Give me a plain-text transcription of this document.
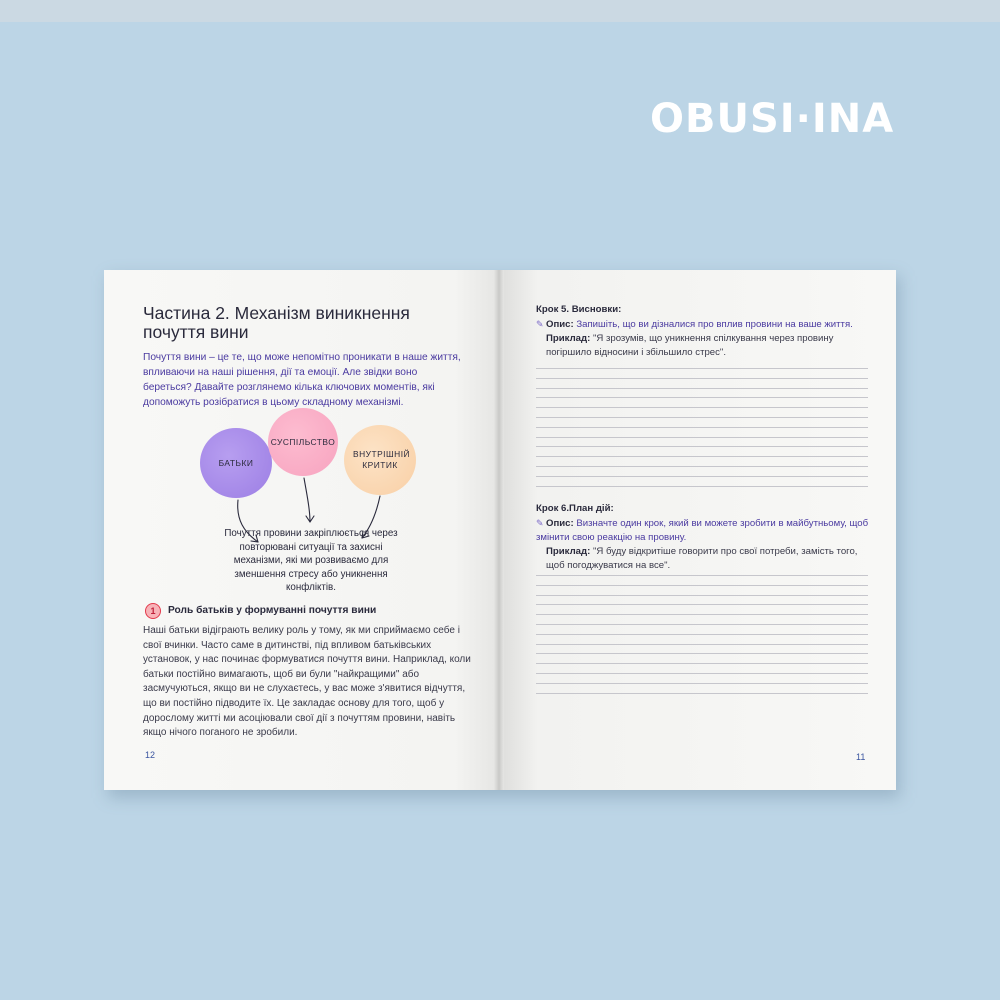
OBUSI·INA
Частина 2. Механізм виникнення почуття вини
Почуття вини – це те, що може непомітно проникати в наше життя, впливаючи на наші рішення, дії та емоції. Але звідки воно береться? Давайте розглянемо кілька ключових моментів, які допоможуть розібратися в цьому складному механізмі.
БАТЬКИ
СУСПІЛЬСТВО
ВНУТРІШНІЙ КРИТИК
Почуття провини закріплюється через повторювані ситуації та захисні механізми, які ми розвиваємо для зменшення стресу або уникнення конфліктів.
1	Роль батьків у формуванні почуття вини
Наші батьки відіграють велику роль у тому, як ми сприймаємо себе і свої вчинки. Часто саме в дитинстві, під впливом батьківських установок, у нас починає формуватися почуття вини. Наприклад, коли батьки постійно вимагають, щоб ви були "найкращими" або засмучуються, якщо ви не слухаєтесь, у вас може з'явитися відчуття, що ви постійно підводите їх. Це закладає основу для того, щоб у дорослому житті ми асоціювали свої дії з почуттям провини, навіть якщо нічого поганого не зробили.
12
Крок 5. Висновки:
✎ Опис: Запишіть, що ви дізналися про вплив провини на ваше життя.
Приклад: "Я зрозумів, що уникнення спілкування через провину погіршило відносини і збільшило стрес".
Крок 6.План дій:
✎ Опис: Визначте один крок, який ви можете зробити в майбутньому, щоб змінити свою реакцію на провину.
Приклад: "Я буду відкритіше говорити про свої потреби, замість того, щоб погоджуватися на все".
11
